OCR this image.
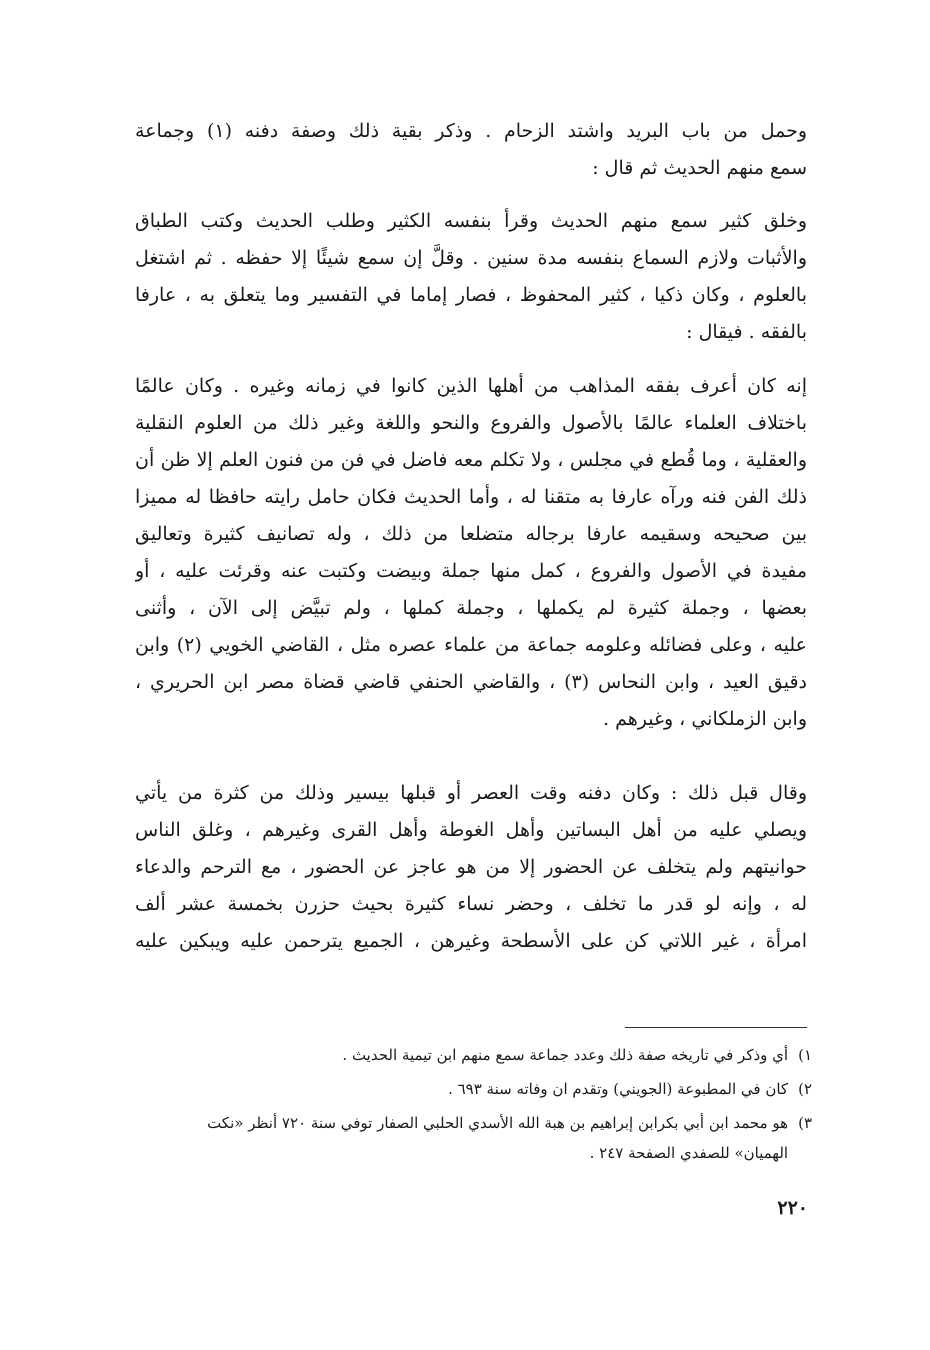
وحمل من باب البريد واشتد الزحام . وذكر بقية ذلك وصفة دفنه (١) وجماعة
سمع منهم الحديث ثم قال :
وخلق كثير سمع منهم الحديث وقرأ بنفسه الكثير وطلب الحديث وكتب الطباق
والأثبات ولازم السماع بنفسه مدة سنين . وقلَّ إن سمع شيئًا إلا حفظه . ثم اشتغل
بالعلوم ، وكان ذكيا ، كثير المحفوظ ، فصار إماما في التفسير وما يتعلق به ، عارفا
بالفقه . فيقال :
إنه كان أعرف بفقه المذاهب من أهلها الذين كانوا في زمانه وغيره . وكان عالمًا
باختلاف العلماء عالمًا بالأصول والفروع والنحو واللغة وغير ذلك من العلوم النقلية
والعقلية ، وما قُطع في مجلس ، ولا تكلم معه فاضل في فن من فنون العلم إلا ظن أن
ذلك الفن فنه ورآه عارفا به متقنا له ، وأما الحديث فكان حامل رايته حافظا له مميزا
بين صحيحه وسقيمه عارفا برجاله متضلعا من ذلك ، وله تصانيف كثيرة وتعاليق
مفيدة في الأصول والفروع ، كمل منها جملة وبيضت وكتبت عنه وقرئت عليه ، أو
بعضها ، وجملة كثيرة لم يكملها ، وجملة كملها ، ولم تبيَّض إلى الآن ، وأثنى
عليه ، وعلى فضائله وعلومه جماعة من علماء عصره مثل ، القاضي الخويي (٢) وابن
دقيق العيد ، وابن النحاس (٣) ، والقاضي الحنفي قاضي قضاة مصر ابن الحريري ،
وابن الزملكاني ، وغيرهم .
وقال قبل ذلك : وكان دفنه وقت العصر أو قبلها بيسير وذلك من كثرة من يأتي
ويصلي عليه من أهل البساتين وأهل الغوطة وأهل القرى وغيرهم ، وغلق الناس
حوانيتهم ولم يتخلف عن الحضور إلا من هو عاجز عن الحضور ، مع الترحم والدعاء
له ، وإنه لو قدر ما تخلف ، وحضر نساء كثيرة بحيث حزرن بخمسة عشر ألف
امرأة ، غير اللاتي كن على الأسطحة وغيرهن ، الجميع يترحمن عليه ويبكين عليه
١)
أي وذكر في تاريخه صفة ذلك وعدد جماعة سمع منهم ابن تيمية الحديث .
٢)
كان في المطبوعة (الجويني) وتقدم ان وفاته سنة ٦٩٣ .
٣)
هو محمد ابن أبي بكرابن إبراهيم بن هبة الله الأسدي الحلبي الصفار توفي سنة ٧٢٠ أنظر «نكت
الهميان» للصفدي الصفحة ٢٤٧ .
٢٢٠
